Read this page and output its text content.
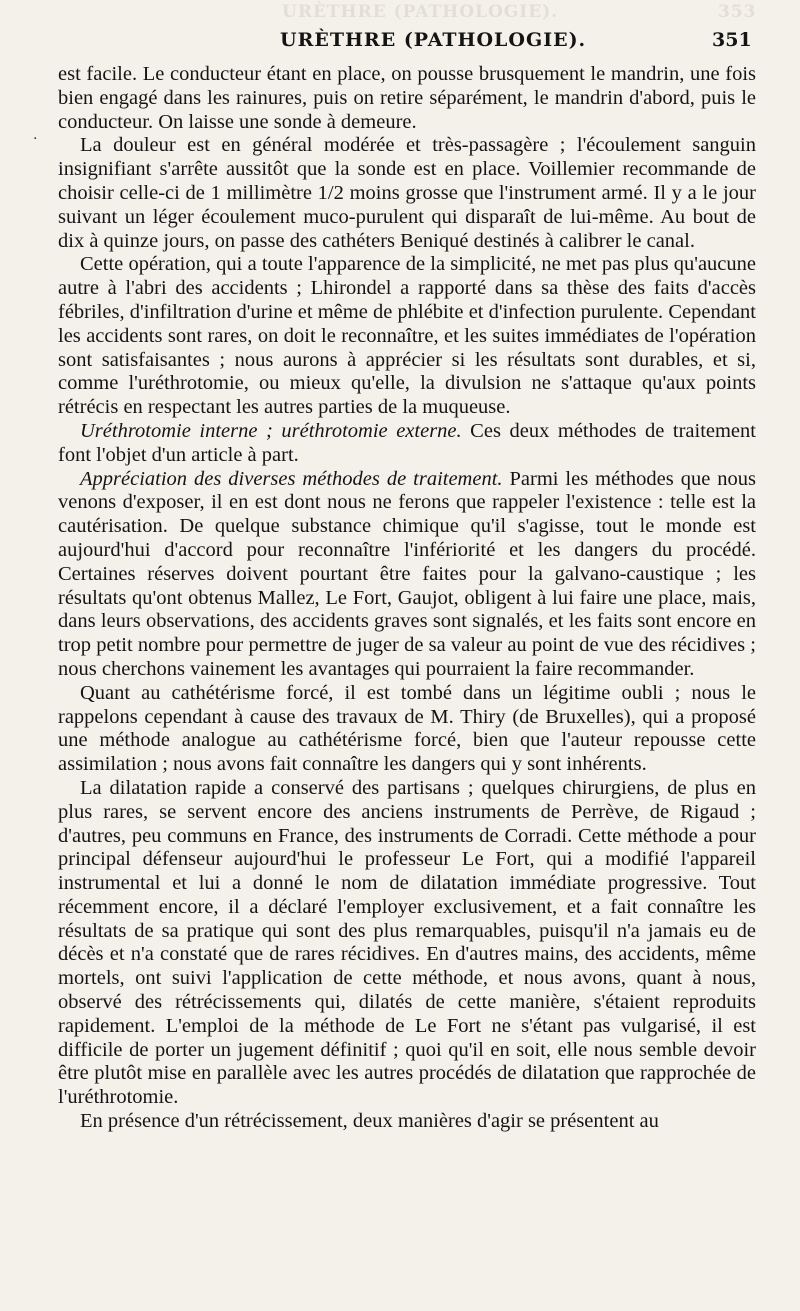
URÈTHRE (PATHOLOGIE).	353
URÈTHRE (PATHOLOGIE).	351
.

est facile. Le conducteur étant en place, on pousse brusquement le mandrin, une fois bien engagé dans les rainures, puis on retire séparément, le mandrin d'abord, puis le conducteur. On laisse une sonde à demeure.

La douleur est en général modérée et très-passagère ; l'écoulement sanguin insignifiant s'arrête aussitôt que la sonde est en place. Voillemier recommande de choisir celle-ci de 1 millimètre 1/2 moins grosse que l'instrument armé. Il y a le jour suivant un léger écoulement muco-purulent qui disparaît de lui-même. Au bout de dix à quinze jours, on passe des cathéters Beniqué destinés à calibrer le canal.

Cette opération, qui a toute l'apparence de la simplicité, ne met pas plus qu'aucune autre à l'abri des accidents ; Lhirondel a rapporté dans sa thèse des faits d'accès fébriles, d'infiltration d'urine et même de phlébite et d'infection purulente. Cependant les accidents sont rares, on doit le reconnaître, et les suites immédiates de l'opération sont satisfaisantes ; nous aurons à apprécier si les résultats sont durables, et si, comme l'uréthrotomie, ou mieux qu'elle, la divulsion ne s'attaque qu'aux points rétrécis en respectant les autres parties de la muqueuse.

Uréthrotomie interne ; uréthrotomie externe. Ces deux méthodes de traitement font l'objet d'un article à part.

Appréciation des diverses méthodes de traitement. Parmi les méthodes que nous venons d'exposer, il en est dont nous ne ferons que rappeler l'existence : telle est la cautérisation. De quelque substance chimique qu'il s'agisse, tout le monde est aujourd'hui d'accord pour reconnaître l'infériorité et les dangers du procédé. Certaines réserves doivent pourtant être faites pour la galvano-caustique ; les résultats qu'ont obtenus Mallez, Le Fort, Gaujot, obligent à lui faire une place, mais, dans leurs observations, des accidents graves sont signalés, et les faits sont encore en trop petit nombre pour permettre de juger de sa valeur au point de vue des récidives ; nous cherchons vainement les avantages qui pourraient la faire recommander.

Quant au cathétérisme forcé, il est tombé dans un légitime oubli ; nous le rappelons cependant à cause des travaux de M. Thiry (de Bruxelles), qui a proposé une méthode analogue au cathétérisme forcé, bien que l'auteur repousse cette assimilation ; nous avons fait connaître les dangers qui y sont inhérents.

La dilatation rapide a conservé des partisans ; quelques chirurgiens, de plus en plus rares, se servent encore des anciens instruments de Perrève, de Rigaud ; d'autres, peu communs en France, des instruments de Corradi. Cette méthode a pour principal défenseur aujourd'hui le professeur Le Fort, qui a modifié l'appareil instrumental et lui a donné le nom de dilatation immédiate progressive. Tout récemment encore, il a déclaré l'employer exclusivement, et a fait connaître les résultats de sa pratique qui sont des plus remarquables, puisqu'il n'a jamais eu de décès et n'a constaté que de rares récidives. En d'autres mains, des accidents, même mortels, ont suivi l'application de cette méthode, et nous avons, quant à nous, observé des rétrécissements qui, dilatés de cette manière, s'étaient reproduits rapidement. L'emploi de la méthode de Le Fort ne s'étant pas vulgarisé, il est difficile de porter un jugement définitif ; quoi qu'il en soit, elle nous semble devoir être plutôt mise en parallèle avec les autres procédés de dilatation que rapprochée de l'uréthrotomie.

En présence d'un rétrécissement, deux manières d'agir se présentent au
